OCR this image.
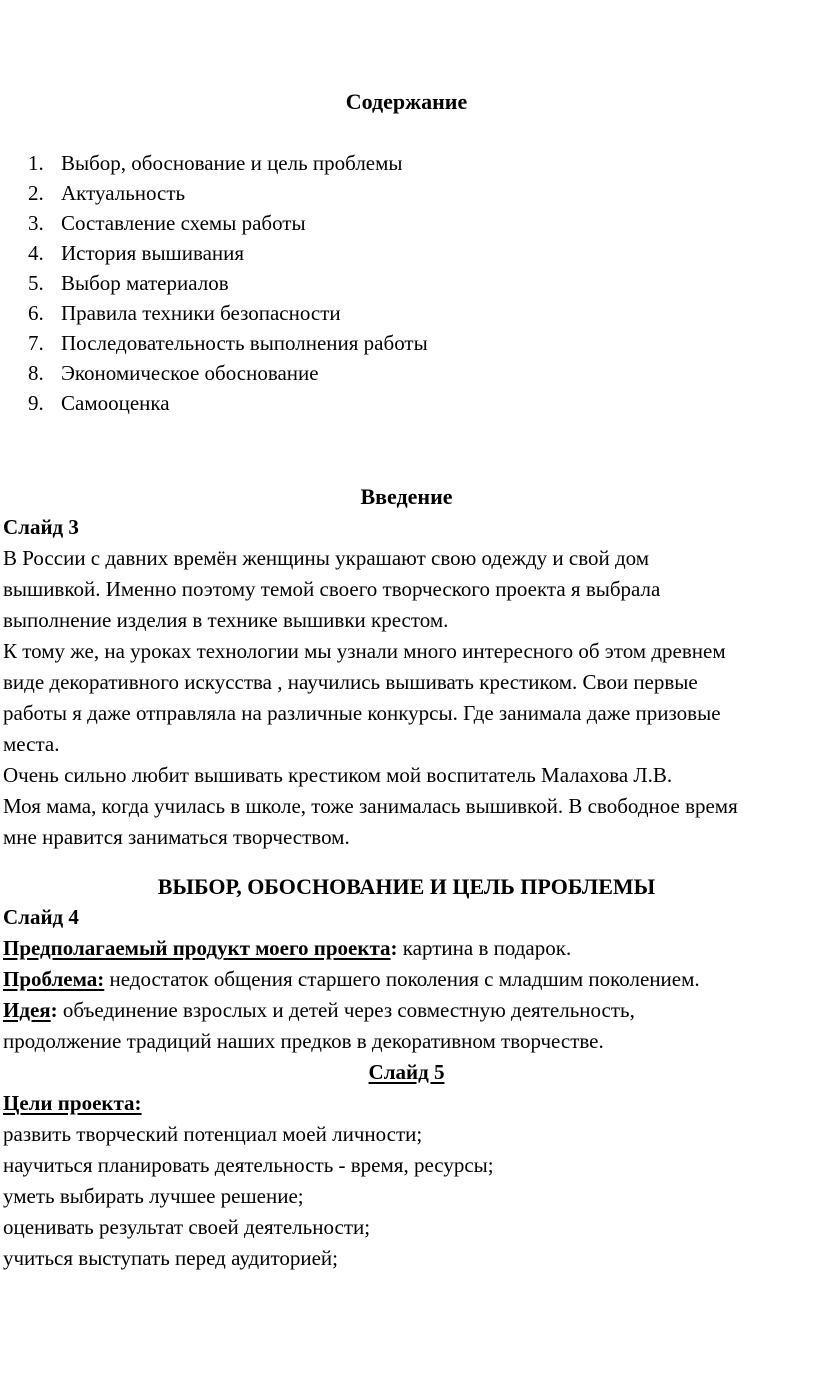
Содержание
1. Выбор, обоснование и цель проблемы
2. Актуальность
3. Составление схемы работы
4. История вышивания
5. Выбор материалов
6. Правила техники безопасности
7. Последовательность выполнения работы
8. Экономическое обоснование
9. Самооценка
Введение
Слайд 3
В России с давних времён женщины украшают свою одежду и свой дом
вышивкой. Именно поэтому темой своего творческого проекта я выбрала
выполнение изделия в технике вышивки крестом.
К тому же, на уроках технологии мы узнали много интересного об этом древнем
виде декоративного искусства , научились вышивать крестиком. Свои первые
работы я даже отправляла на различные конкурсы. Где занимала даже призовые
места.
Очень сильно любит вышивать крестиком мой воспитатель Малахова Л.В.
Моя мама, когда училась в школе, тоже занималась вышивкой. В свободное время
мне нравится заниматься творчеством.
ВЫБОР, ОБОСНОВАНИЕ И ЦЕЛЬ ПРОБЛЕМЫ
Слайд 4
Предполагаемый продукт моего проекта: картина в подарок.
Проблема: недостаток общения старшего поколения с младшим поколением.
Идея: объединение взрослых и детей через совместную деятельность,
продолжение традиций наших предков в декоративном творчестве.
Слайд 5
Цели проекта:
развить творческий потенциал моей личности;
научиться планировать деятельность - время, ресурсы;
уметь выбирать лучшее решение;
оценивать результат своей деятельности;
учиться выступать перед аудиторией;
